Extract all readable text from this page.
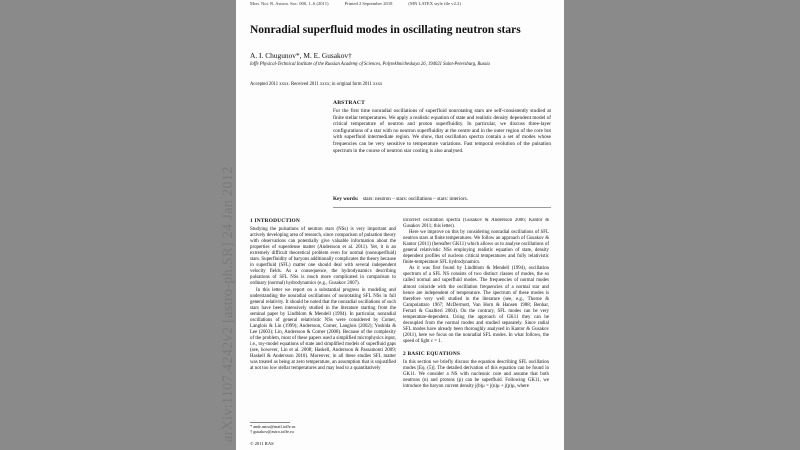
Mon. Not. R. Astron. Soc. 000, 1–6 (2011)	Printed 2 September 2018	(MN LATEX style file v2.2)
Nonradial superfluid modes in oscillating neutron stars
A. I. Chugunov*, M. E. Gusakov†
Ioffe Physical-Technical Institute of the Russian Academy of Sciences, Polytekhnicheskaya 26, 194021 Saint-Petersburg, Russia
Accepted 2011 xxxx. Received 2011 xxxx; in original form 2011 xxxx
ABSTRACT

For the first time nonradial oscillations of superfluid nonrotating stars are self-consistently studied at finite stellar temperatures. We apply a realistic equation of state and realistic density dependent model of critical temperature of neutron and proton superfluidity. In particular, we discuss three-layer configurations of a star with no neutron superfluidity at the centre and in the outer region of the core but with superfluid intermediate region. We show, that oscillation spectra contain a set of modes whose frequencies can be very sensitive to temperature variations. Fast temporal evolution of the pulsation spectrum in the course of neutron star cooling is also analysed.

Key words: stars: neutron – stars: oscillations – stars: interiors.
1 INTRODUCTION

Studying the pulsations of neutron stars (NSs) is very important and actively developing area of research, since comparison of pulsation theory with observations can potentially give valuable information about the properties of superdense matter (Andersson et al. 2011). Yet, it is an extremely difficult theoretical problem even for normal (nonsuperfluid) stars. Superfluidity of baryons additionally complicates the theory because in superfluid (SFL) matter one should deal with several independent velocity fields. As a consequence, the hydrodynamics describing pulsations of SFL NSs is much more complicated in comparison to ordinary (normal) hydrodynamics (e.g., Gusakov 2007).

In this letter we report on a substantial progress in modeling and understanding the nonradial oscillations of nonrotating SFL NSs in full general relativity. It should be noted that the nonradial oscillations of such stars have been intensively studied in the literature starting from the seminal paper by Lindblom & Mendell (1994). In particular, nonradial oscillations of general relativistic NSs were considered by Comer, Langlois & Lin (1999); Andersson, Comer, Langlois (2002); Yoshida & Lee (2003); Lin, Andersson & Comer (2008). Because of the complexity of the problem, most of these papers used a simplified microphysics input, i.e., toy-model equations of state and simplified models of superfluid gaps (see, however, Lin et al. 2008; Haskell, Andersson & Passamonti 2009; Haskell & Andersson 2010). Moreover, in all these studies SFL matter was treated as being at zero temperature, an assumption that is unjustified at not too low stellar temperatures and may lead to a quantitatively

incorrect oscillation spectra (Gusakov & Andersson 2006; Kantor & Gusakov 2011; this letter).

Here we improve on this by considering nonradial oscillations of SFL neutron stars at finite temperatures. We follow an approach of Gusakov & Kantor (2011) (hereafter GK11) which allows us to analyse oscillations of general relativistic NSs employing realistic equation of state, density dependent profiles of nucleon critical temperatures and fully relativistic finite-temperature SFL hydrodynamics.

As it was first found by Lindblom & Mendell (1994), oscillation spectrum of a SFL NS consists of two distinct classes of modes, the so called normal and superfluid modes. The frequencies of normal modes almost coincide with the oscillation frequencies of a normal star and hence are independent of temperature. The spectrum of these modes is therefore very well studied in the literature (see, e.g., Thorne & Campolattaro 1967; McDermott, Van Horn & Hansen 1988; Benhar, Ferrari & Gualtieri 2004). On the contrary, SFL modes can be very temperature-dependent. Using the approach of GK11 they can be decoupled from the normal modes and studied separately. Since radial SFL modes have already been thoroughly analysed in Kantor & Gusakov (2011), here we focus on the nonradial SFL modes. In what follows, the speed of light c = 1.

2 BASIC EQUATIONS

In this section we briefly discuss the equation describing SFL oscillation modes [Eq. (5)]. The detailed derivation of this equation can be found in GK11. We consider a NS with nucleonic core and assume that both neutrons (n) and protons (p) can be superfluid. Following GK11, we introduce the baryon current density j(b)μ = j(n)μ + j(p)μ, where

* andr.astro@mail.ioffe.ru
† gusakov@astro.ioffe.ru
© 2011 RAS
arXiv:1107.4242v2 [astro-ph.SR] 24 Jan 2012
